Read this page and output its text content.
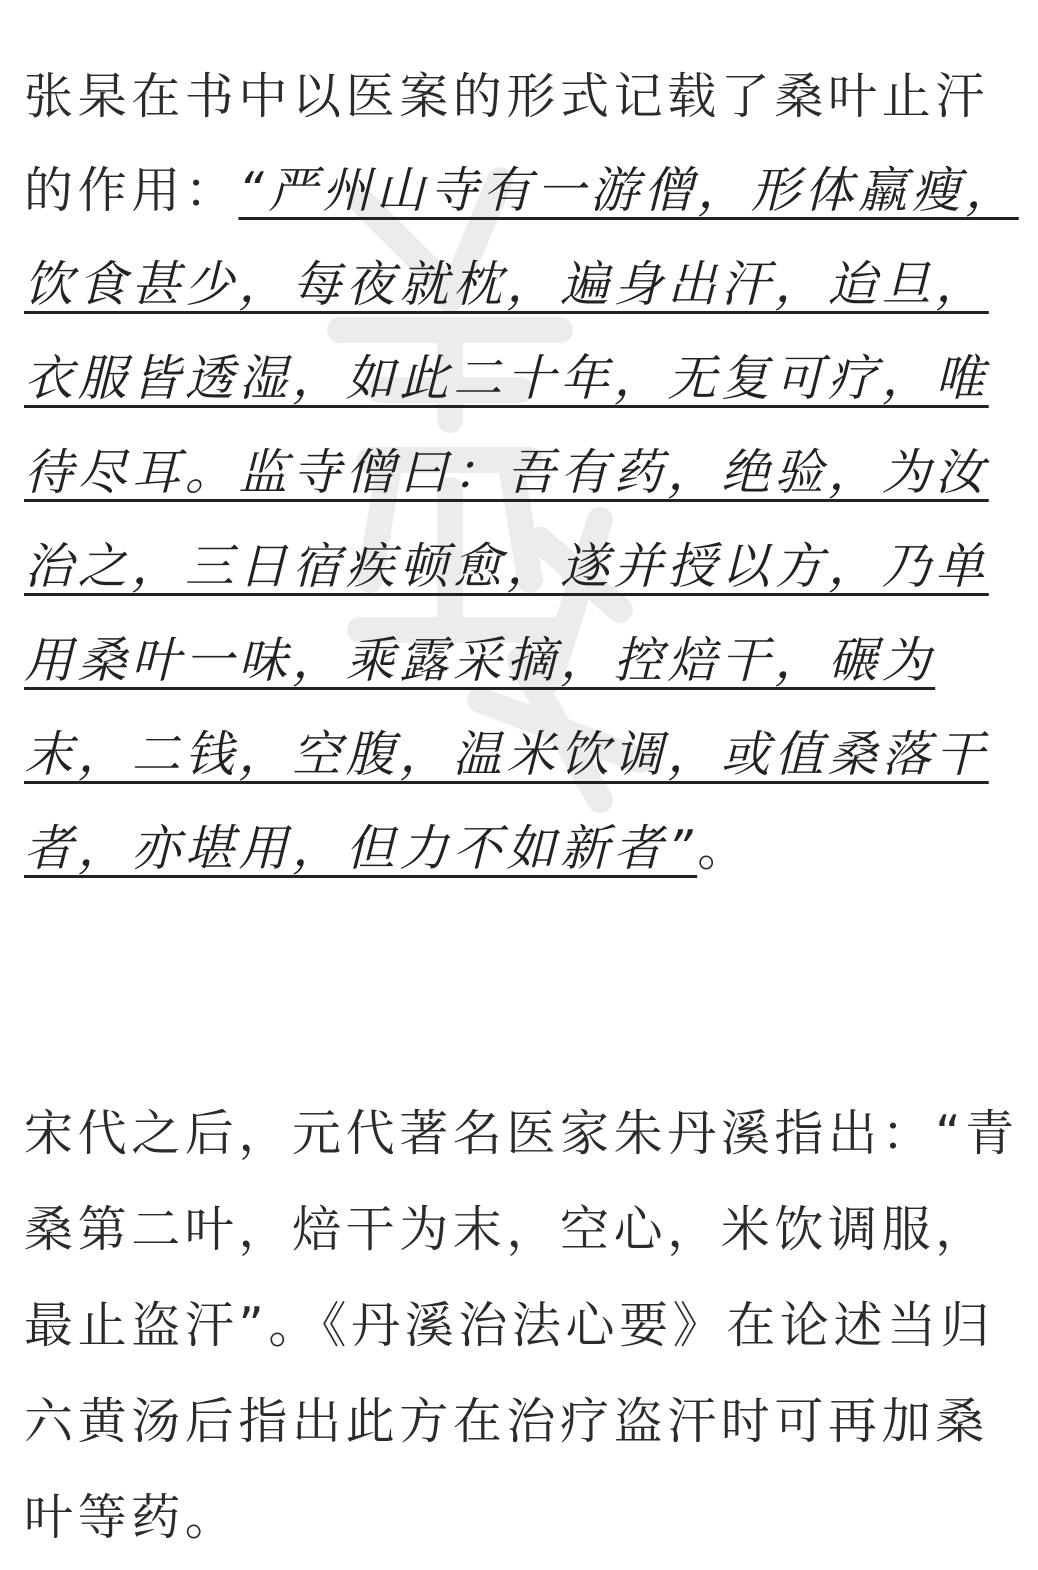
张杲在书中以医案的形式记载了桑叶止汗
的作用：“严州山寺有一游僧，形体羸瘦，
饮食甚少，每夜就枕，遍身出汗，迨旦，
衣服皆透湿，如此二十年，无复可疗，唯
待尽耳。监寺僧曰：吾有药，绝验，为汝
治之，三日宿疾顿愈，遂并授以方，乃单
用桑叶一味，乘露采摘，控焙干，碾为
末，二钱，空腹，温米饮调，或值桑落干
者，亦堪用，但力不如新者”。
宋代之后，元代著名医家朱丹溪指出：“青
桑第二叶，焙干为末，空心，米饮调服，
最止盗汗”。《丹溪治法心要》在论述当归
六黄汤后指出此方在治疗盗汗时可再加桑
叶等药。
